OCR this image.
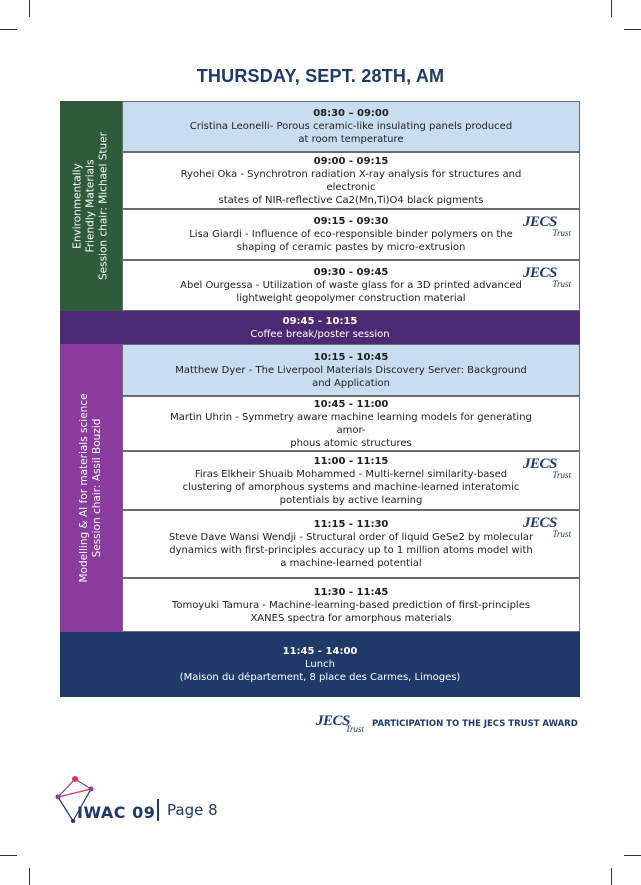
THURSDAY, SEPT. 28TH, AM
Environmentally Friendly Materials Session chair: Michael Stuer
08:30 – 09:00
Cristina Leonelli- Porous ceramic-like insulating panels produced
at room temperature
09:00 - 09:15
Ryohei Oka - Synchrotron radiation X-ray analysis for structures and electronic
states of NIR-reflective Ca2(Mn,Ti)O4 black pigments
JECS
Trust
09:15 - 09:30
Lisa Giardi - Influence of eco-responsible binder polymers on the
shaping of ceramic pastes by micro-extrusion
JECS
Trust
09:30 - 09:45
Abel Ourgessa - Utilization of waste glass for a 3D printed advanced
lightweight geopolymer construction material
09:45 - 10:15
Coffee break/poster session
Modelling & AI for materials science Session chair: Assil Bouzid
10:15 - 10:45
Matthew Dyer - The Liverpool Materials Discovery Server: Background
and Application
10:45 - 11:00
Martin Uhrin - Symmetry aware machine learning models for generating amor-
phous atomic structures
JECS
Trust
11:00 - 11:15
Firas Elkheir Shuaib Mohammed - Multi-kernel similarity-based
clustering of amorphous systems and machine-learned interatomic
potentials by active learning
JECS
Trust
11:15 - 11:30
Steve Dave Wansi Wendji - Structural order of liquid GeSe2 by molecular
dynamics with first-principles accuracy up to 1 million atoms model with
a machine-learned potential
11:30 - 11:45
Tomoyuki Tamura - Machine-learning-based prediction of first-principles
XANES spectra for amorphous materials
11:45 - 14:00
Lunch
(Maison du département, 8 place des Carmes, Limoges)
JECS
Trust PARTICIPATION TO THE JECS TRUST AWARD
IWAC 09 Page 8
